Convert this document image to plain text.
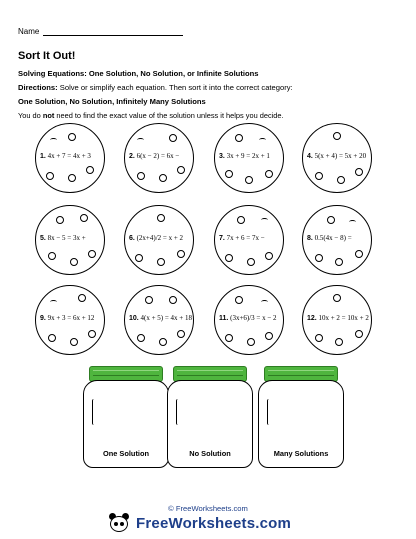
Name
Sort It Out!
Solving Equations: One Solution, No Solution, or Infinite Solutions
Directions: Solve or simplify each equation. Then sort it into the correct category:
One Solution, No Solution, Infinitely Many Solutions
You do not need to find the exact value of the solution unless it helps you decide.
1. 4x + 7 = 4x + 3	2. 6(x − 2) = 6x −	3. 3x + 9 = 2x + 1	4. 5(x + 4) = 5x + 20
5. 8x − 5 = 3x +	6. (2x+4)/2 = x + 2	7. 7x + 6 = 7x −	8. 0.5(4x − 8) =
9. 9x + 3 = 6x + 12	10. 4(x + 5) = 4x + 18	11. (3x+6)/3 = x − 2	12. 10x + 2 = 10x + 2
One Solution	No Solution	Many Solutions
© FreeWorksheets.com
FreeWorksheets.com
